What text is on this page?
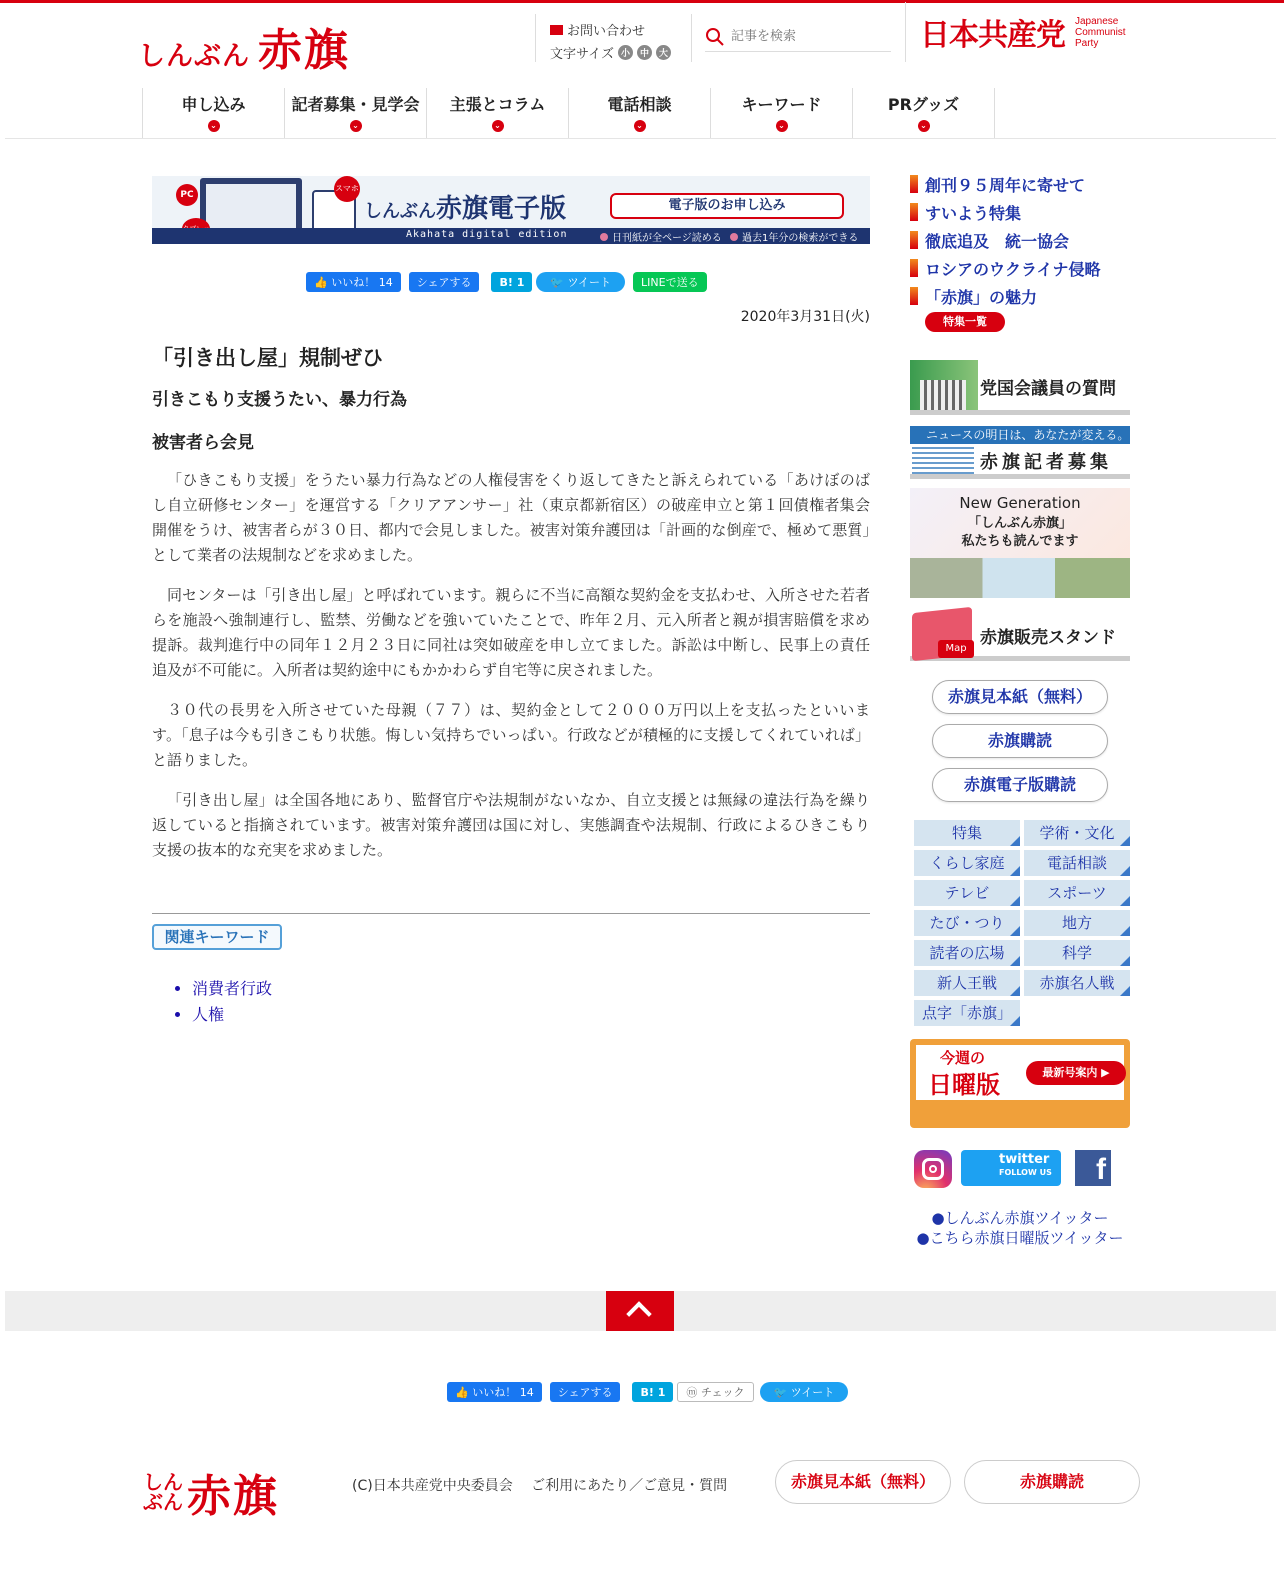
しんぶん 赤旗	お問い合わせ
文字サイズ 小	中	大
記事を検索
日本共産党 Japanese
Communist
Party
申し込み
⌄
記者募集・見学会
⌄
主張とコラム
⌄
電話相談
⌄
キーワード
⌄
PRグッズ
⌄
PC
ト
スマホ
しんぶん赤旗電子版	電子版のお申し込み
Akahata digital edition	日刊紙が全ページ読める	過去1年分の検索ができる
👍 いいね！ 14	シェアする	B! 1	🐦 ツイート	LINEで送る
2020年3月31日(火)
「引き出し屋」規制ぜひ
引きこもり支援うたい、暴力行為
被害者ら会見

「ひきこもり支援」をうたい暴力行為などの人権侵害をくり返してきたと訴えられている「あけぼのばし自立研修センター」を運営する「クリアアンサー」社（東京都新宿区）の破産申立と第１回債権者集会開催をうけ、被害者らが３０日、都内で会見しました。被害対策弁護団は「計画的な倒産で、極めて悪質」として業者の法規制などを求めました。

同センターは「引き出し屋」と呼ばれています。親らに不当に高額な契約金を支払わせ、入所させた若者らを施設へ強制連行し、監禁、労働などを強いていたことで、昨年２月、元入所者と親が損害賠償を求め提訴。裁判進行中の同年１２月２３日に同社は突如破産を申し立てました。訴訟は中断し、民事上の責任追及が不可能に。入所者は契約途中にもかかわらず自宅等に戻されました。

３０代の長男を入所させていた母親（７７）は、契約金として２０００万円以上を支払ったといいます。「息子は今も引きこもり状態。悔しい気持ちでいっぱい。行政などが積極的に支援してくれていれば」と語りました。

「引き出し屋」は全国各地にあり、監督官庁や法規制がないなか、自立支援とは無縁の違法行為を繰り返していると指摘されています。被害対策弁護団は国に対し、実態調査や法規制、行政によるひきこもり支援の抜本的な充実を求めました。

関連キーワード
• 消費者行政
• 人権
創刊９５周年に寄せて
すいよう特集
徹底追及　統一協会
ロシアのウクライナ侵略
「赤旗」の魅力
特集一覧
党国会議員の質問
ニュースの明日は、あなたが変える。
赤旗記者募集
New Generation
「しんぶん赤旗」
私たちも読んでます
Map
赤旗販売スタンド
赤旗見本紙（無料）
赤旗購読
赤旗電子版購読
特集	学術・文化
くらし家庭	電話相談
テレビ	スポーツ
たび・つり	地方
読者の広場	科学
新人王戦	赤旗名人戦
点字「赤旗」
今週の
日曜版	最新号案内 ▶
twitter
FOLLOW US	f
●しんぶん赤旗ツイッター
●こちら赤旗日曜版ツイッター
👍 いいね！ 14	シェアする	B! 1	ⓜ チェック	🐦 ツイート
しんぶん 赤旗	(C)日本共産党中央委員会 ご利用にあたり／ご意見・質問	赤旗見本紙（無料）	赤旗購読
